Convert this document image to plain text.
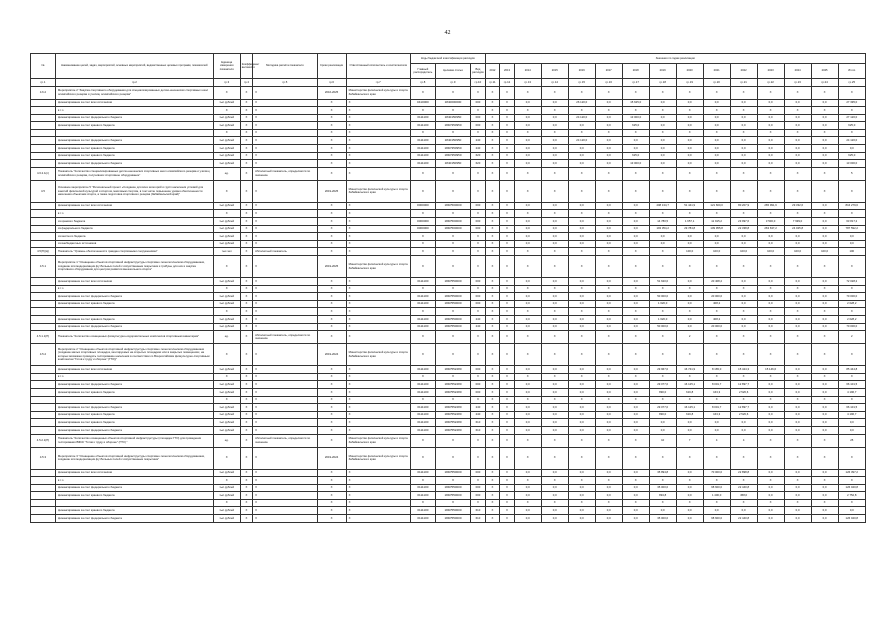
42
№	Наименование целей, задач, мероприятий, основных мероприятий, ведомственных целевых программ, показателей	Единица измерения показателя	Коэффициент весомости	Методика расчёта показателя	Сроки реализации	Ответственный исполнитель и соисполнители	Коды бюджетной классификации расходов			Значения по годам реализации														
							Главный распорядитель	Целевая статья	Вид расходов	2012	2013	2014	2015	2016	2017	2018	2019	2020	2021	2022	2023	2024	2025	Итого
гр.1	гр.2	гр.3	гр.4	гр.5	гр.6	гр.7	гр.8	гр.9	гр.10	гр.11	гр.12	гр.13	гр.14	гр.15	гр.16	гр.17	гр.18	гр.19	гр.20	гр.21	гр.22	гр.23	гр.24	гр.25
4.6.2	Мероприятие 2 "Закупка спортивного оборудования для специализированных детско-юношеских спортивных школ олимпийского резерва и училищ олимпийского резерва"	X	X	X	2016-2025	Министерство физической культуры и спорта Забайкальского края	X	X	X	X	X	X	X	X	X	X	X	X	X	X	X	X	X	X
	финансирование за счет всех источников	тыс.рублей	X	X	X	X	0410000	1840000000	000	X	X	0,0	0,0	26 120,0	0,0	15 625,0	0,0	0,0	0,0	0,0	0,0	0,0	0,0	27 395,0
	в т.ч.	X	X	X	X	X	X	X	X	X	X	X	X	X	X	X	X	X	X	X	X	X	X	X
	финансирование за счет федерального бюджета	тыс.рублей	X	X	X	X	0111100	1840150950	000	X	X	0,0	0,0	24 120,0	0,0	13 000,0	0,0	0,0	0,0	0,0	0,0	0,0	0,0	27 120,0
	финансирование за счет краевого бюджета	тыс.рублей	X	X	X	X	0111100	184P350950	000	X	X	0,0	0,0	0,0	0,0	625,0	0,0	0,0	0,0	0,0	0,0	0,0	0,0	625,0
		X	X	X	X	X	X	X	X	X	X	X	X	X	X	X	X	X	X	X	X	X	X	X
	финансирование за счет федерального бюджета	тыс.рублей	X	X	X	X	0111100	1840150950	240	X	X	0,0	0,0	24 120,0	0,0	0,0	0,0	0,0	0,0	0,0	0,0	0,0	0,0	24 120,0
	финансирование за счет краевого бюджета	тыс.рублей	X	X	X	X	0111100	184Р350950	240	X	X	0,0	0,0	0,0	0,0	0,0	0,0	0,0	0,0	0,0	0,0	0,0	0,0	0,0
	финансирование за счет краевого бюджета	тыс.рублей	X	X	X	X	0111100	184Р350950	620	X	X	0,0	0,0	0,0	0,0	625,0	0,0	0,0	0,0	0,0	0,0	0,0	0,0	625,0
	финансирование за счет федерального бюджета	тыс.рублей	X	X	X	X	0111100	1840150950	620	X	X	0,0	0,0	0,0	0,0	13 000,0	0,0	0,0	0,0	0,0	0,0	0,0	0,0	13 000,0
4.6.2.1(п)	Показатель "Количество специализированных детско-юношеских спортивных школ олимпийского резерва и училищ олимпийского резерва, получивших спортивное оборудование"	ед.	X	Абсолютный показатель, определяется по значению	X	X	X	X	X	X	X	X	X	X	X	X	X	X	X	X	X	X	X	5
4.5	Основное мероприятие 5 "Региональный проект «Создание для всех категорий и групп населения условий для занятий физической культурой и спортом, массовым спортом, в том числе повышение уровня обеспеченности населения объектами спорта, а также подготовка спортивного резерва (Забайкальский край)"	X	X	X	2019-2025	Министерство физической культуры и спорта Забайкальского края	X	X	X	X	X	X	X	X	X	X	X	X	X	X	X	X	X	X
	финансирование за счет всех источников	тыс.рублей	X	X	X	X	0000000	184P500000	000	X	X	0,0	0,0	0,0	0,0	0,0	208 134,7	51 441,9	121 660,0	80 207,9	265 991,6	29 332,6	0,0	816 279,6
	в т.ч.	X	X	X	X	X	X	X	X	X	X	X	X	X	X	X	X	X	X	X	X	X	X	X
	из краевого бюджета	тыс.рублей	X	X	X	X	0000000	184P500000	000	X	X	0,0	0,0	0,0	0,0	0,0	14 780,5	1 657,1	11 915,2	23 997,6	3 500,0	7 999,0	0,0	63 817,2
	из федерального бюджета	тыс.рублей	X	X	X	X	0000000	184P500000	000	X	X	0,0	0,0	0,0	0,0	0,0	193 354,2	29 784,8	109 955,8	22 338,8	263 637,2	24 025,8	0,0	787 592,2
	из местного бюджета	тыс.рублей	X	X	X	X	X	X	X	X	X	0,0	0,0	0,0	0,0	0,0	0,0	0,0	0,0	0,0	0,0	0,0	0,0	0,0
	из внебюджетных источников	тыс.рублей	X	X	X	X	X	X	X	X	X	0,0	0,0	0,0	0,0	0,0	0,0	0,0	0,0	0,0	0,0	0,0	0,0	0,0
4.5(П)(Ц)	Показатель "Уровень обеспеченности граждан спортивными сооружениями"	тыс.чел	X	Абсолютный показатель	X	X	X	X	X	X	X	X	X	X	X	X	X	100,0	100,0	100,0	100,0	100,0	100,0	100
4.5.1	Мероприятие 1 "Оснащение объектов спортивной инфраструктуры спортивно-технологическим оборудованием, создание или модернизация футбольных полей с искусственным покрытием и трибуны для них и закупка спортивного оборудования для центров развития внешкольного спорта"	X	X	X	2019-2025	Министерство физической культуры и спорта Забайкальского края	X	X	X	X	X	X	X	X	X	X	X	X	X	X	X	X	X	X
	финансирование за счет всех источников	тыс.рублей	X	X	X	X	0111100	184P550000	000	X	X	0,0	0,0	0,0	0,0	0,0	51 620,0	0,0	20 408,2	0,0	0,0	0,0	0,0	72 028,2
	в т.ч.	X	X	X	X	X	X	X	X	X	X	X	X	X	X	X	X	X	X	X	X	X	X	X
	финансирование за счет федерального бюджета	тыс.рублей	X	X	X	X	0111100	184P550000	000	X	X	0,0	0,0	0,0	0,0	0,0	50 000,0	0,0	20 000,0	0,0	0,0	0,0	0,0	70 000,0
	финансирование за счет краевого бюджета	тыс.рублей	X	X	X	X	0111100	184P550000	000	X	X	0,0	0,0	0,0	0,0	0,0	1 620,0	0,0	408,2	0,0	0,0	0,0	0,0	2 028,2
		X	X	X	X	X	X	X	X	X	X	X	X	X	X	X	X	X	X	X	X	X	X	X
	финансирование за счет краевого бюджета	тыс.рублей	X	X	X	X	0111100	184P550000	240	X	X	0,0	0,0	0,0	0,0	0,0	1 620,0	0,0	408,2	0,0	0,0	0,0	0,0	2 028,2
	финансирование за счет федерального бюджета	тыс.рублей	X	X	X	X	0111100	184P550000	240	X	X	0,0	0,0	0,0	0,0	0,0	50 000,0	0,0	20 000,0	0,0	0,0	0,0	0,0	70 000,0
4.5.1.1(П)	Показатель "Количество оснащенных физкультурно-оздоровительных комплексов спортивным инвентарем"	ед.	X	Абсолютный показатель, определяется по значению	X	X	X	X	X	X	X	X	X	X	X	X	X	2	X	X	X	X	X	2
4.5.2	Мероприятие 2 "Оснащение объектов спортивной инфраструктуры спортивно-технологическим оборудованием (создание малых спортивных площадок, монтируемых на открытых площадках или в закрытых помещениях, на которых возможно проводить тестирование населения в соответствии со Всероссийским физкультурно-спортивным комплексом "Готов к труду и обороне" (ГТО))"	X	X	X	2019-2024	Министерство физической культуры и спорта Забайкальского края	X	X	X	X	X	X	X	X	X	X	X	X	X	X	X	X	X	X
	финансирование за счет всех источников	тыс.рублей	X	X	X	X	0111100	184P552280	000	X	X	0,0	0,0	0,0	0,0	0,0	29 967,0	16 741,9	8 165,0	15 424,3	15 146,6	0,0	0,0	85 444,8
	в т.ч.	X	X	X	X	X	X	X	X	X	X	X	X	X	X	X	X	X	X	X	X	X	X	X
	финансирование за счет федерального бюджета	тыс.рублей	X	X	X	X	0111100	184P552280	000	X	X	0,0	0,0	0,0	0,0	0,0	29 077,0	16 125,1	8 001,7	12 897,7	0,0	0,0	0,0	66 101,5
	финансирование за счет краевого бюджета	тыс.рублей	X	X	X	X	0111100	184P552280	000	X	X	0,0	0,0	0,0	0,0	0,0	890,0	616,8	163,3	2 526,6	0,0	0,0	0,0	4 196,7
		X	X	X	X	X	X	X	X	X	X	X	X	X	X	X	X	X	X	X	X	X	X	X
	финансирование за счет федерального бюджета	тыс.рублей	X	X	X	X	0111100	184P552280	240	X	X	0,0	0,0	0,0	0,0	0,0	29 077,0	16 125,1	8 001,7	12 897,7	0,0	0,0	0,0	66 101,5
	финансирование за счет краевого бюджета	тыс.рублей	X	X	X	X	0111100	184P552280	240	X	X	0,0	0,0	0,0	0,0	0,0	890,0	616,8	163,3	2 526,6	0,0	0,0	0,0	4 196,7
	финансирование за счет краевого бюджета	тыс.рублей	X	X	X	X	0111100	184P552280	610	X	X	0,0	0,0	0,0	0,0	0,0	0,0	0,0	0,0	0,0	0,0	0,0	0,0	0,0
	финансирование за счет федерального бюджета	тыс.рублей	X	X	X	X	0111100	184P552280	610	X	X	0,0	0,0	0,0	0,0	0,0	0,0	0,0	0,0	0,0	0,0	0,0	0,0	0,0
4.5.2.1(П)	Показатель "Количество оснащенных объектов спортивной инфраструктуры (площадок ГТО) для проведения тестирования ВФСК "Готов к труду и обороне" (ГТО) "	ед.	X	Абсолютный показатель, определяется по значению	X	Министерство физической культуры и спорта Забайкальского края	X	X	X	X	X	X	X	X	X	X	10	7	4	4	X	X	X	25
4.5.3	Мероприятие 3 "Оснащение объектов спортивной инфраструктуры спортивно-технологическим оборудованием, создание или модернизация футбольных полей с искусственным покрытием"	X	X	X	2019-2024	Министерство физической культуры и спорта Забайкальского края	X	X	X	X	X	X	X	X	X	X	X	X	X	X	X	X	X	X
	финансирование за счет всех источников	тыс.рублей	X	X	X	X	0111100	184P550000	000	X	X	0,0	0,0	0,0	0,0	0,0	35 894,8	0,0	70 000,0	22 898,8	0,0	0,0	0,0	126 397,2
	в т.ч.	X	X	X	X	X	X	X	X	X	X	X	X	X	X	X	X	X	X	X	X	X	X	X
	финансирование за счет федерального бюджета	тыс.рублей	X	X	X	X	0111100	184P550000	000	X	X	0,0	0,0	0,0	0,0	0,0	35 000,0	0,0	68 600,0	22 440,8	0,0	0,0	0,0	126 040,8
	финансирование за счет краевого бюджета	тыс.рублей	X	X	X	X	0111100	184P550000	000	X	X	0,0	0,0	0,0	0,0	0,0	894,8	0,0	1 400,0	458,0	0,0	0,0	0,0	2 752,8
		X	X	X	X	X	X	X	X	X	X	X	X	X	X	X	X	X	X	X	X	X	X	X
	финансирование за счет краевого бюджета	тыс.рублей	X	X	X	X	0111100	184P550000	610	X	X	0,0	0,0	0,0	0,0	0,0	0,0	0,0	0,0	0,0	0,0	0,0	0,0	0,0
	финансирование за счет федерального бюджета	тыс.рублей	X	X	X	X	0111100	184P550000	610	X	X	0,0	0,0	0,0	0,0	0,0	35 000,0	0,0	68 600,0	22 440,8	0,0	0,0	0,0	126 040,8
